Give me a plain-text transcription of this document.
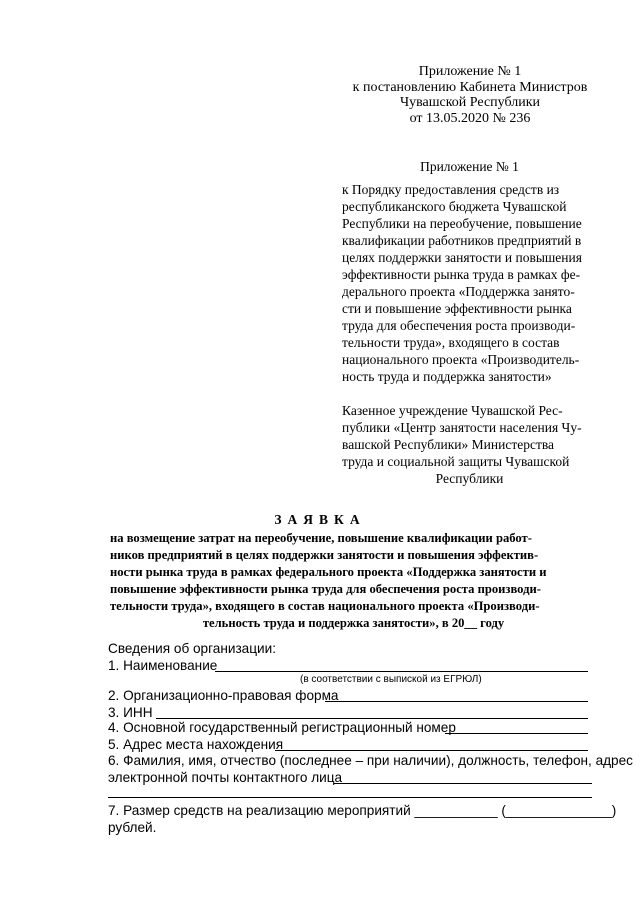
Приложение № 1
к постановлению Кабинета Министров
Чувашской Республики
от 13.05.2020 № 236
Приложение № 1
к Порядку предоставления средств из
республиканского бюджета Чувашской
Республики на переобучение, повышение
квалификации работников предприятий в
целях поддержки занятости и повышения
эффективности рынка труда в рамках фе-
дерального проекта «Поддержка занято-
сти и повышение эффективности рынка
труда для обеспечения роста производи-
тельности труда», входящего в состав
национального проекта «Производитель-
ность труда и поддержка занятости»
Казенное учреждение Чувашской Рес-
публики «Центр занятости населения Чу-
вашской Республики» Министерства
труда и социальной защиты Чувашской
Республики
ЗАЯВКА
на возмещение затрат на переобучение, повышение квалификации работ-
ников предприятий в целях поддержки занятости и повышения эффектив-
ности рынка труда в рамках федерального проекта «Поддержка занятости и
повышение эффективности рынка труда для обеспечения роста производи-
тельности труда», входящего в состав национального проекта «Производи-
тельность труда и поддержка занятости», в 20__ году
Сведения об организации:
1. Наименование
(в соответствии с выпиской из ЕГРЮЛ)
2. Организационно-правовая форма
3. ИНН
4. Основной государственный регистрационный номер
5. Адрес места нахождения
6. Фамилия, имя, отчество (последнее – при наличии), должность, телефон, адрес
электронной почты контактного лица
7. Размер средств на реализацию мероприятий ___________ (______________)
рублей.
